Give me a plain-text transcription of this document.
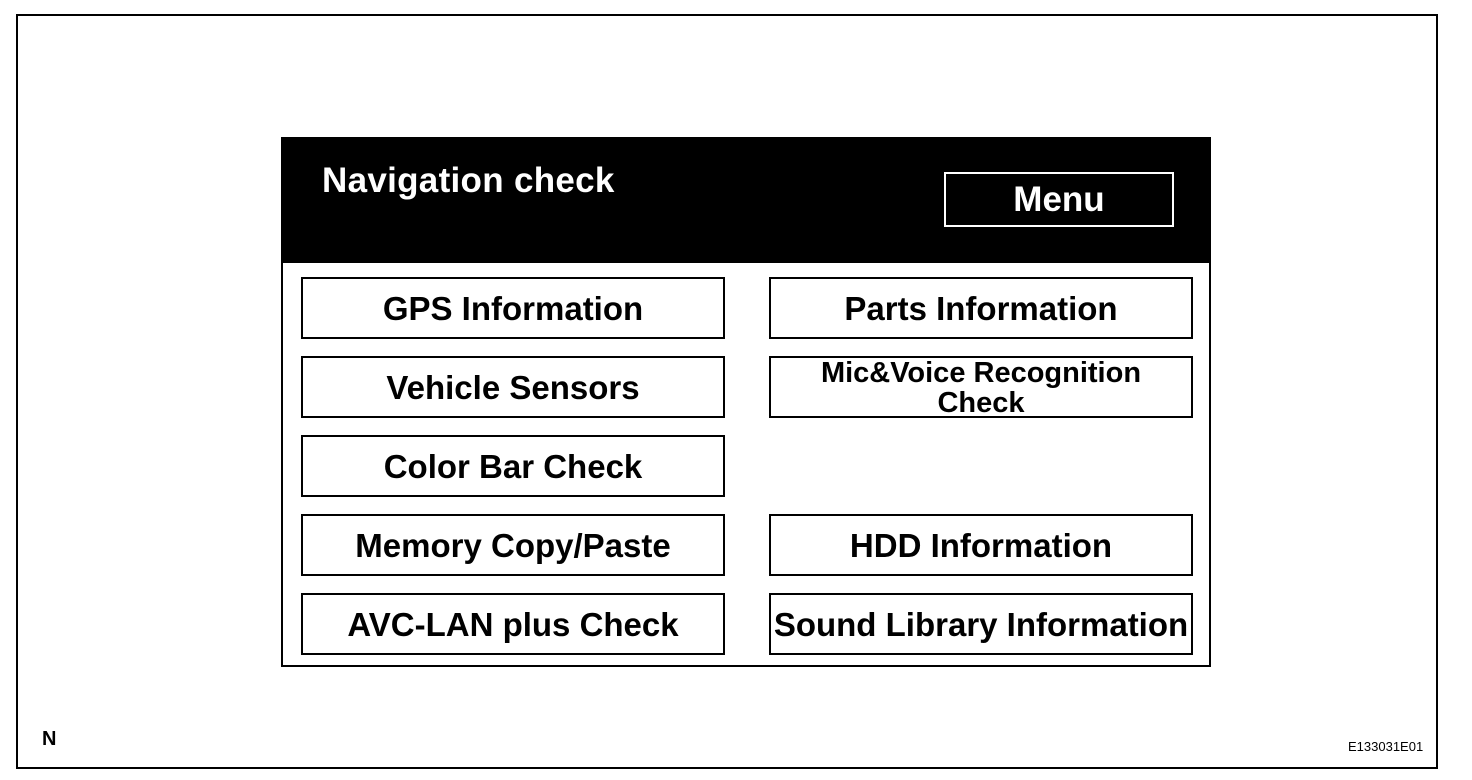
Navigation check	Menu
GPS Information	Parts Information
Vehicle Sensors	Mic&Voice Recognition
Check
Color Bar Check
Memory Copy/Paste	HDD Information
AVC-LAN plus Check	Sound Library Information
N	E133031E01
